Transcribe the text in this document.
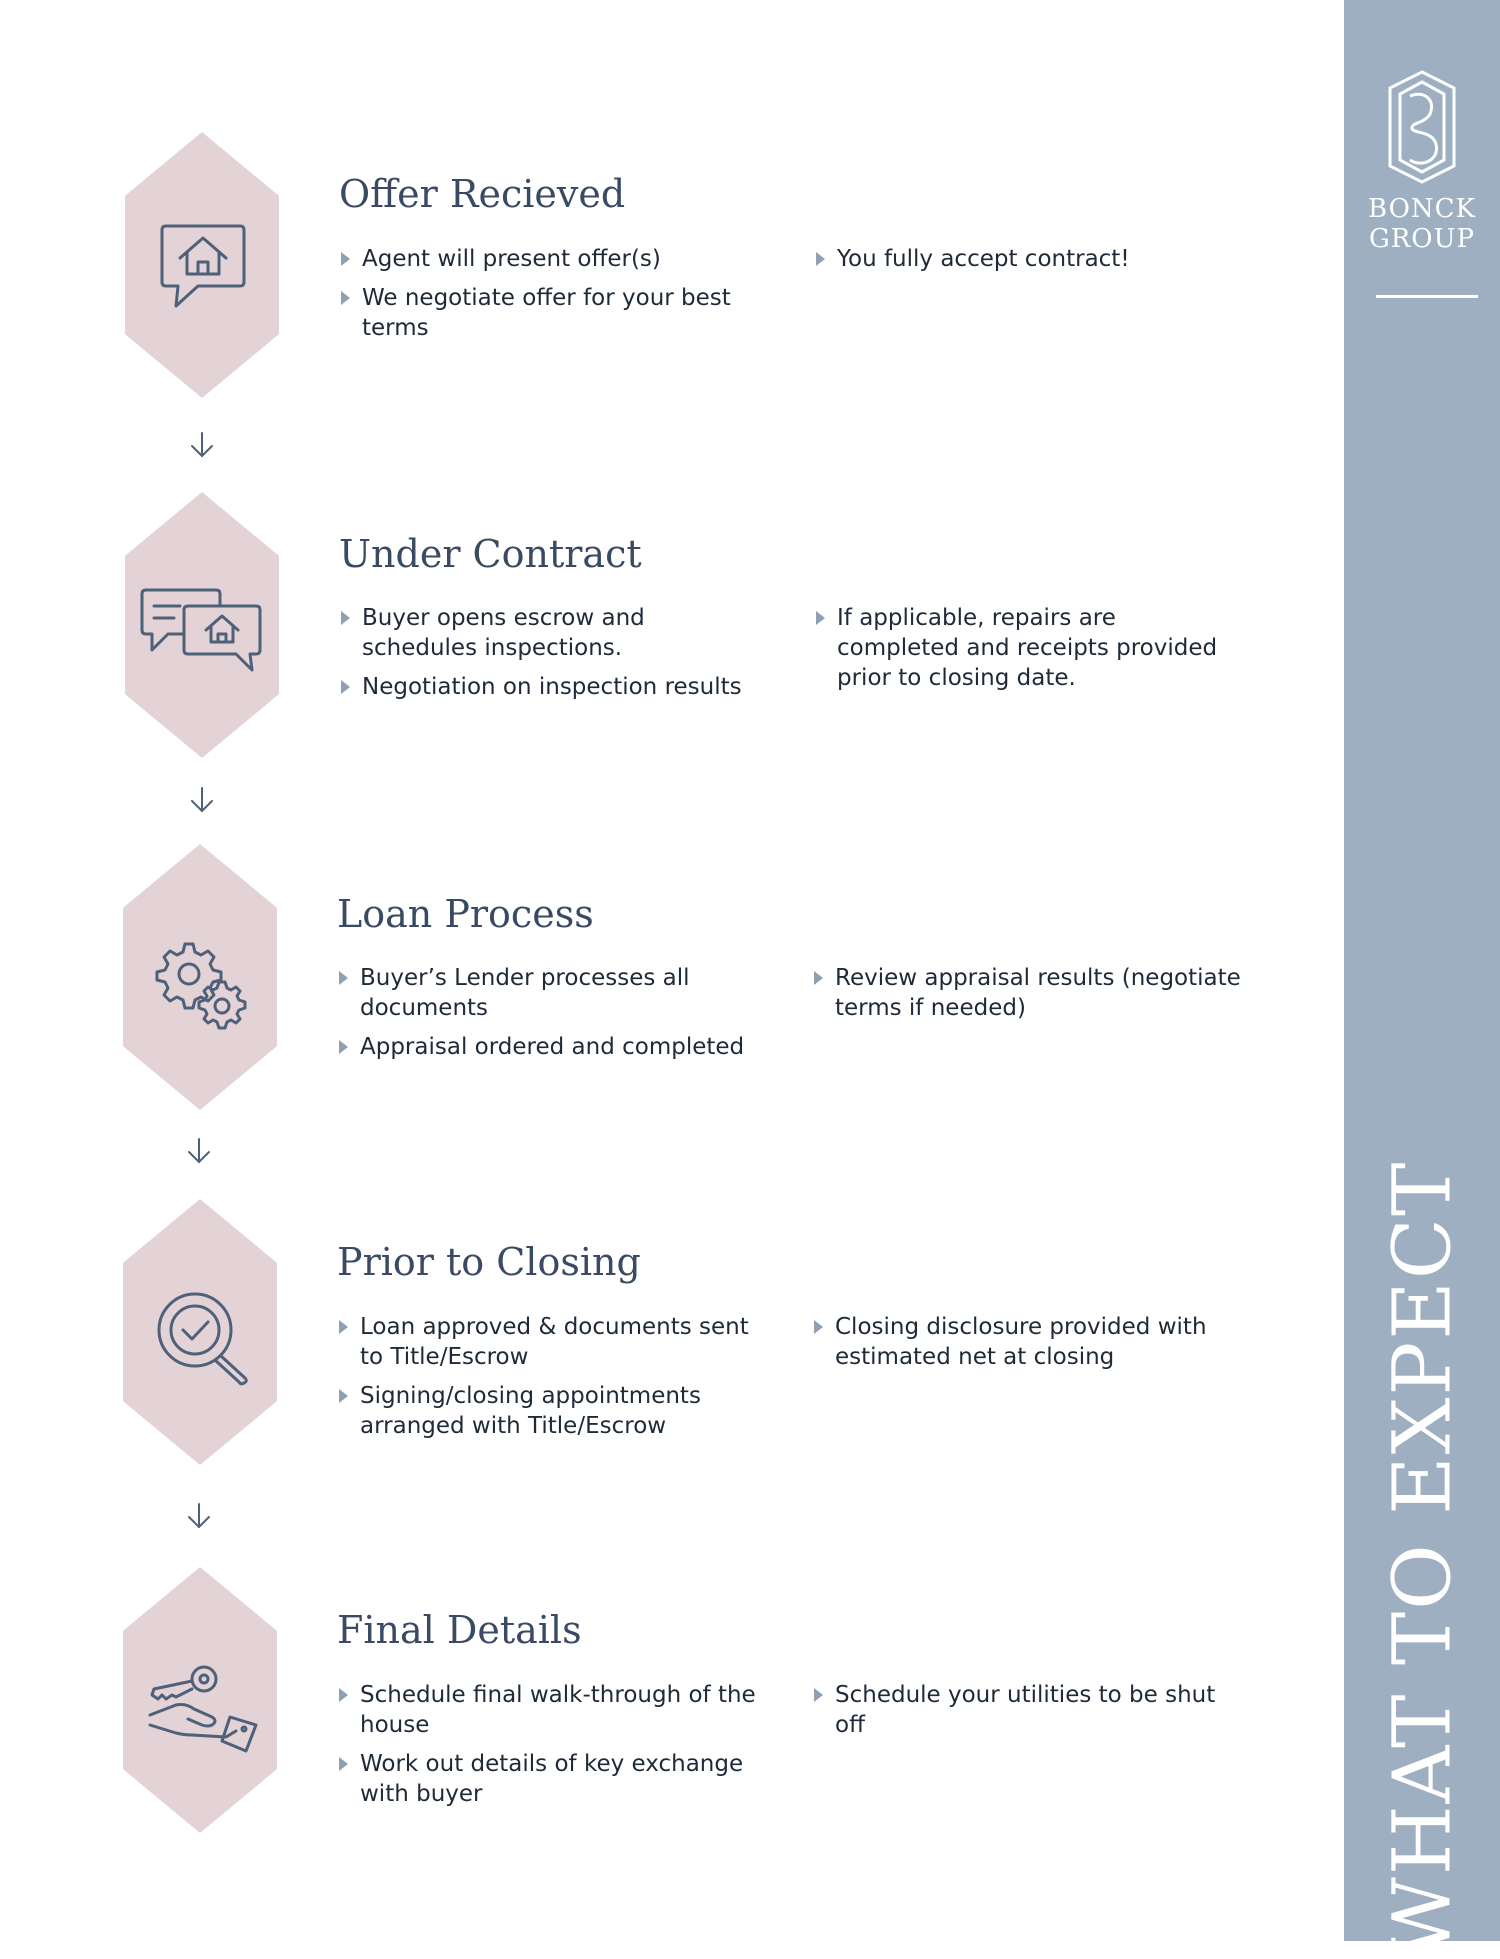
BONCK
GROUP
WHAT TO EXPECT
Offer Recieved
Agent will present offer(s)
We negotiate offer for your best terms
You fully accept contract!
Under Contract
Buyer opens escrow and schedules inspections.
Negotiation on inspection results
If applicable, repairs are completed and receipts provided prior to closing date.
Loan Process
Buyer’s Lender processes all documents
Appraisal ordered and completed
Review appraisal results (negotiate terms if needed)
Prior to Closing
Loan approved & documents sent to Title/Escrow
Signing/closing appointments arranged with Title/Escrow
Closing disclosure provided with estimated net at closing
Final Details
Schedule final walk-through of the house
Work out details of key exchange with buyer
Schedule your utilities to be shut off
